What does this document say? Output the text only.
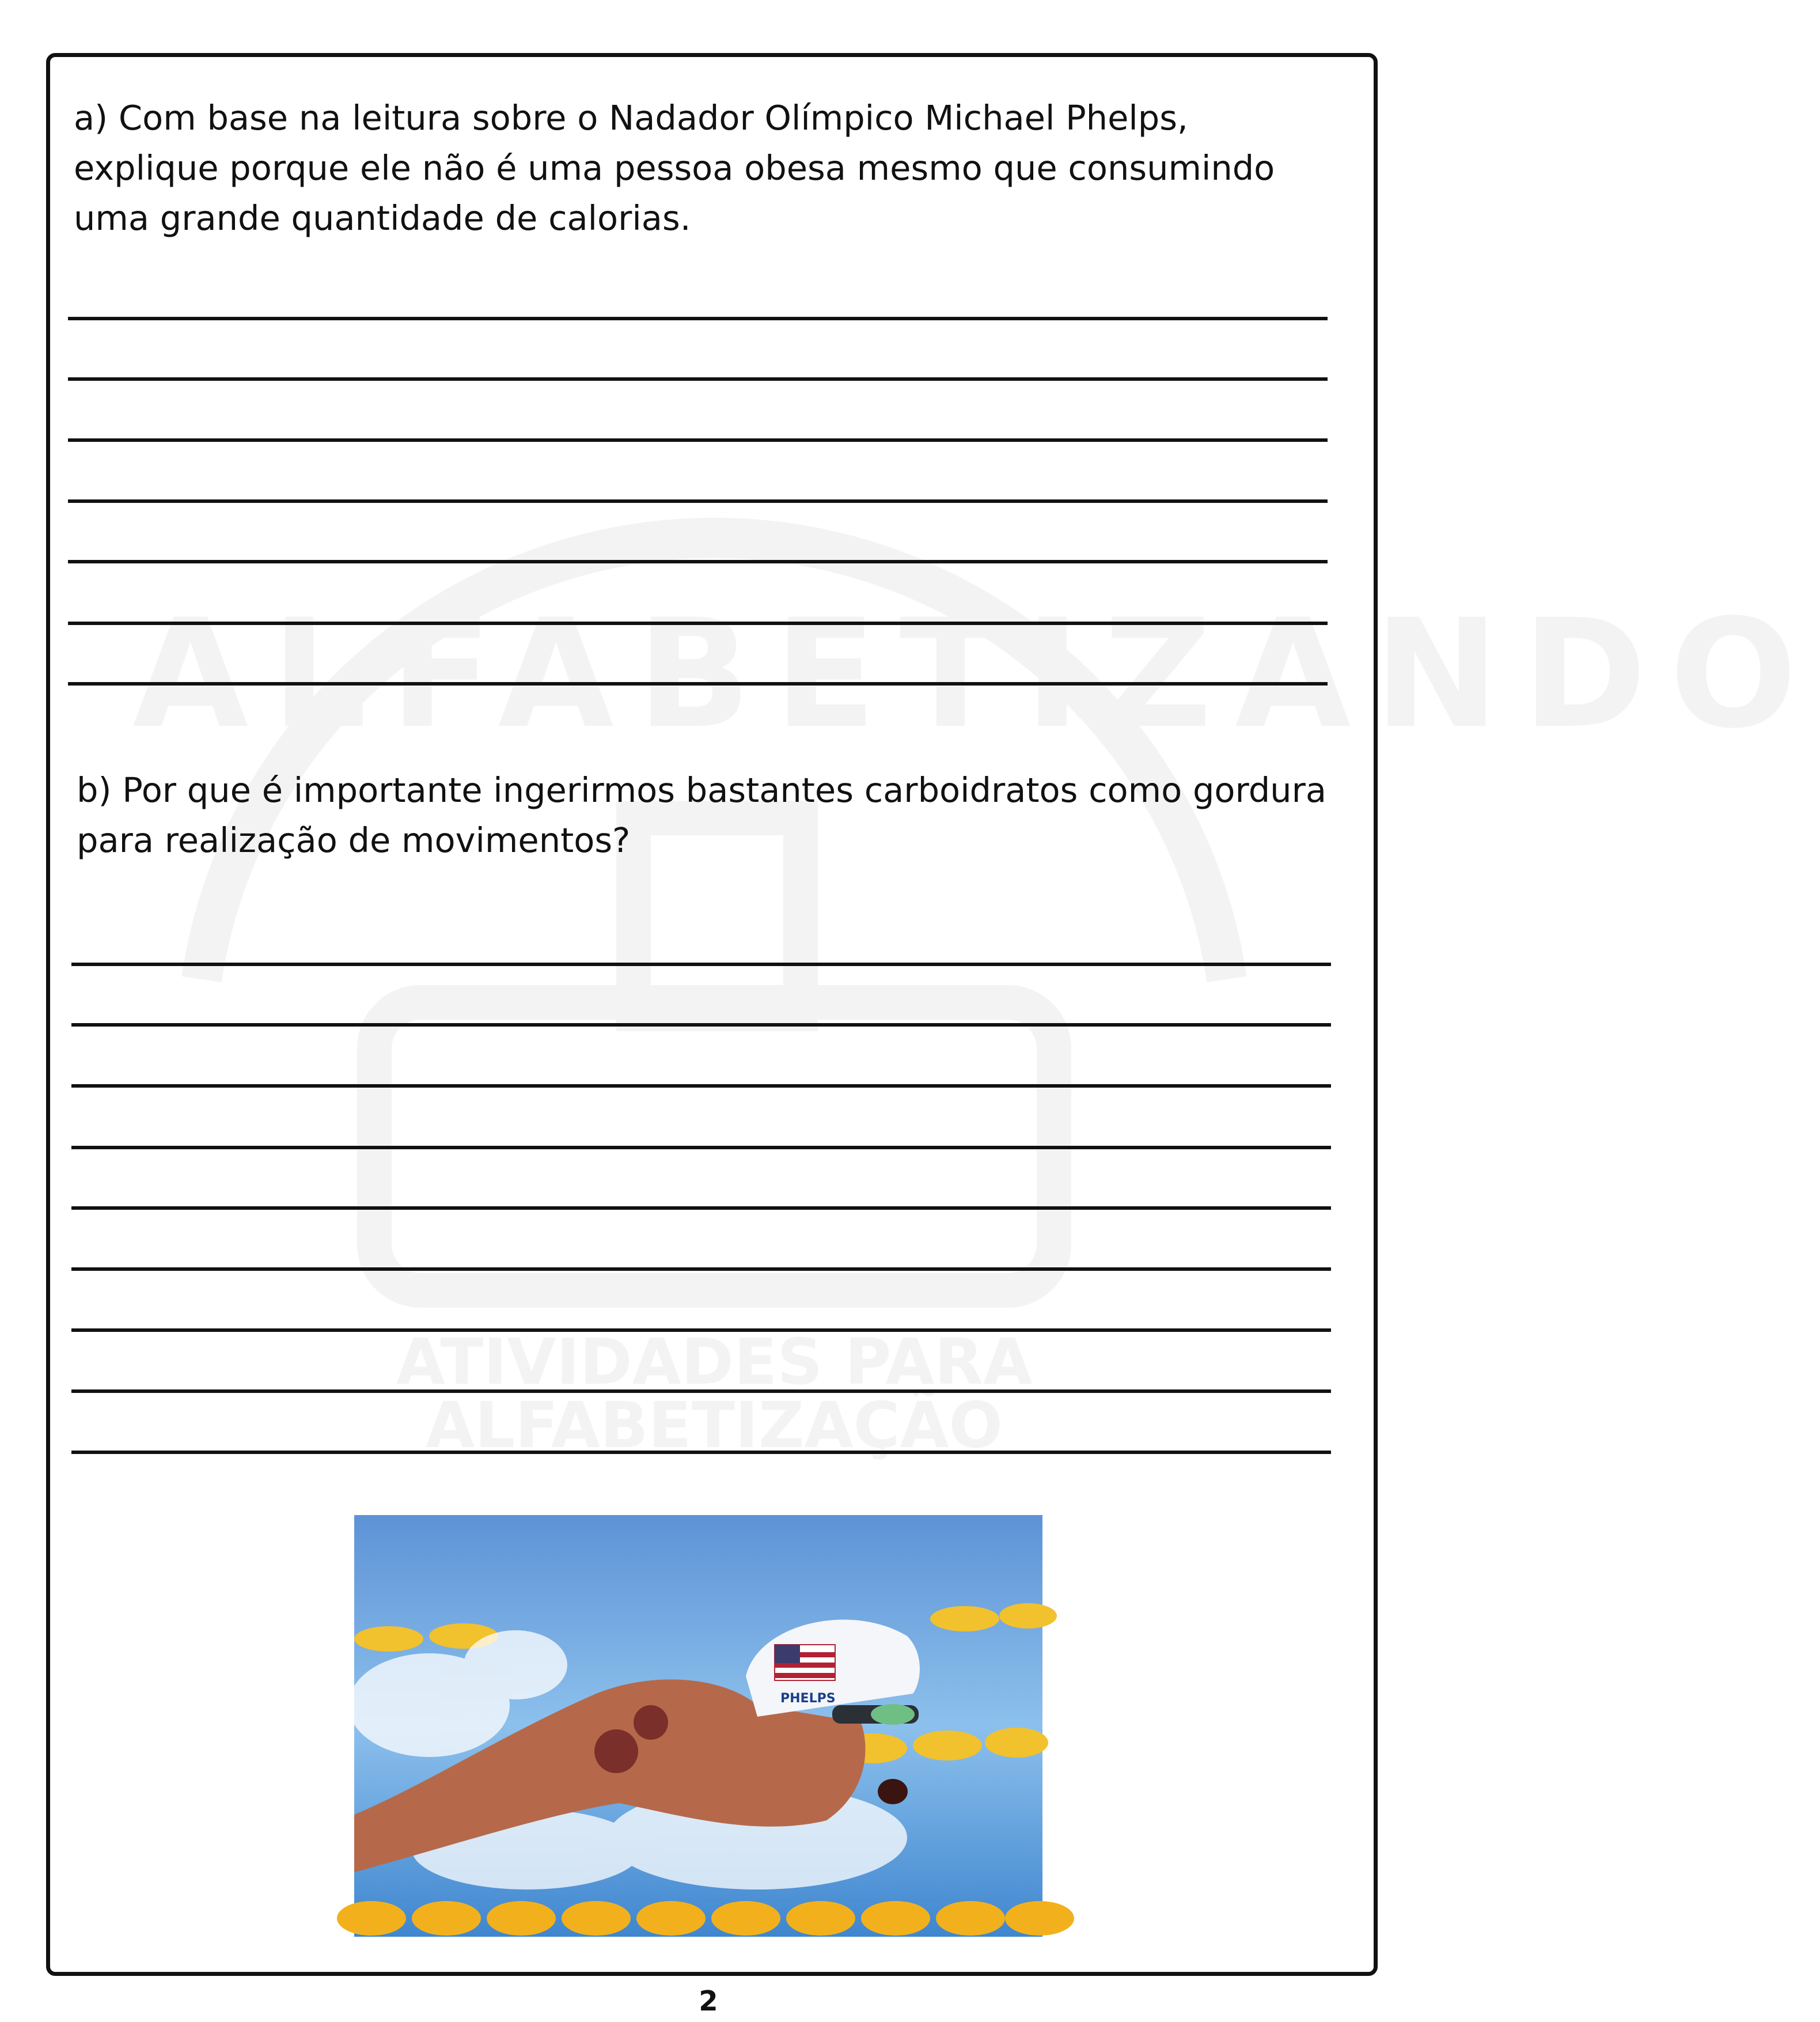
ALFABETIZANDO
ATIVIDADES PARA
ALFABETIZAÇÃO

a) Com base na leitura sobre o Nadador Olímpico Michael Phelps, explique porque ele não é uma pessoa obesa mesmo que consumindo uma grande quantidade de calorias.

b) Por que é importante ingerirmos bastantes carboidratos como gordura para realização de movimentos?

PHELPS
2
